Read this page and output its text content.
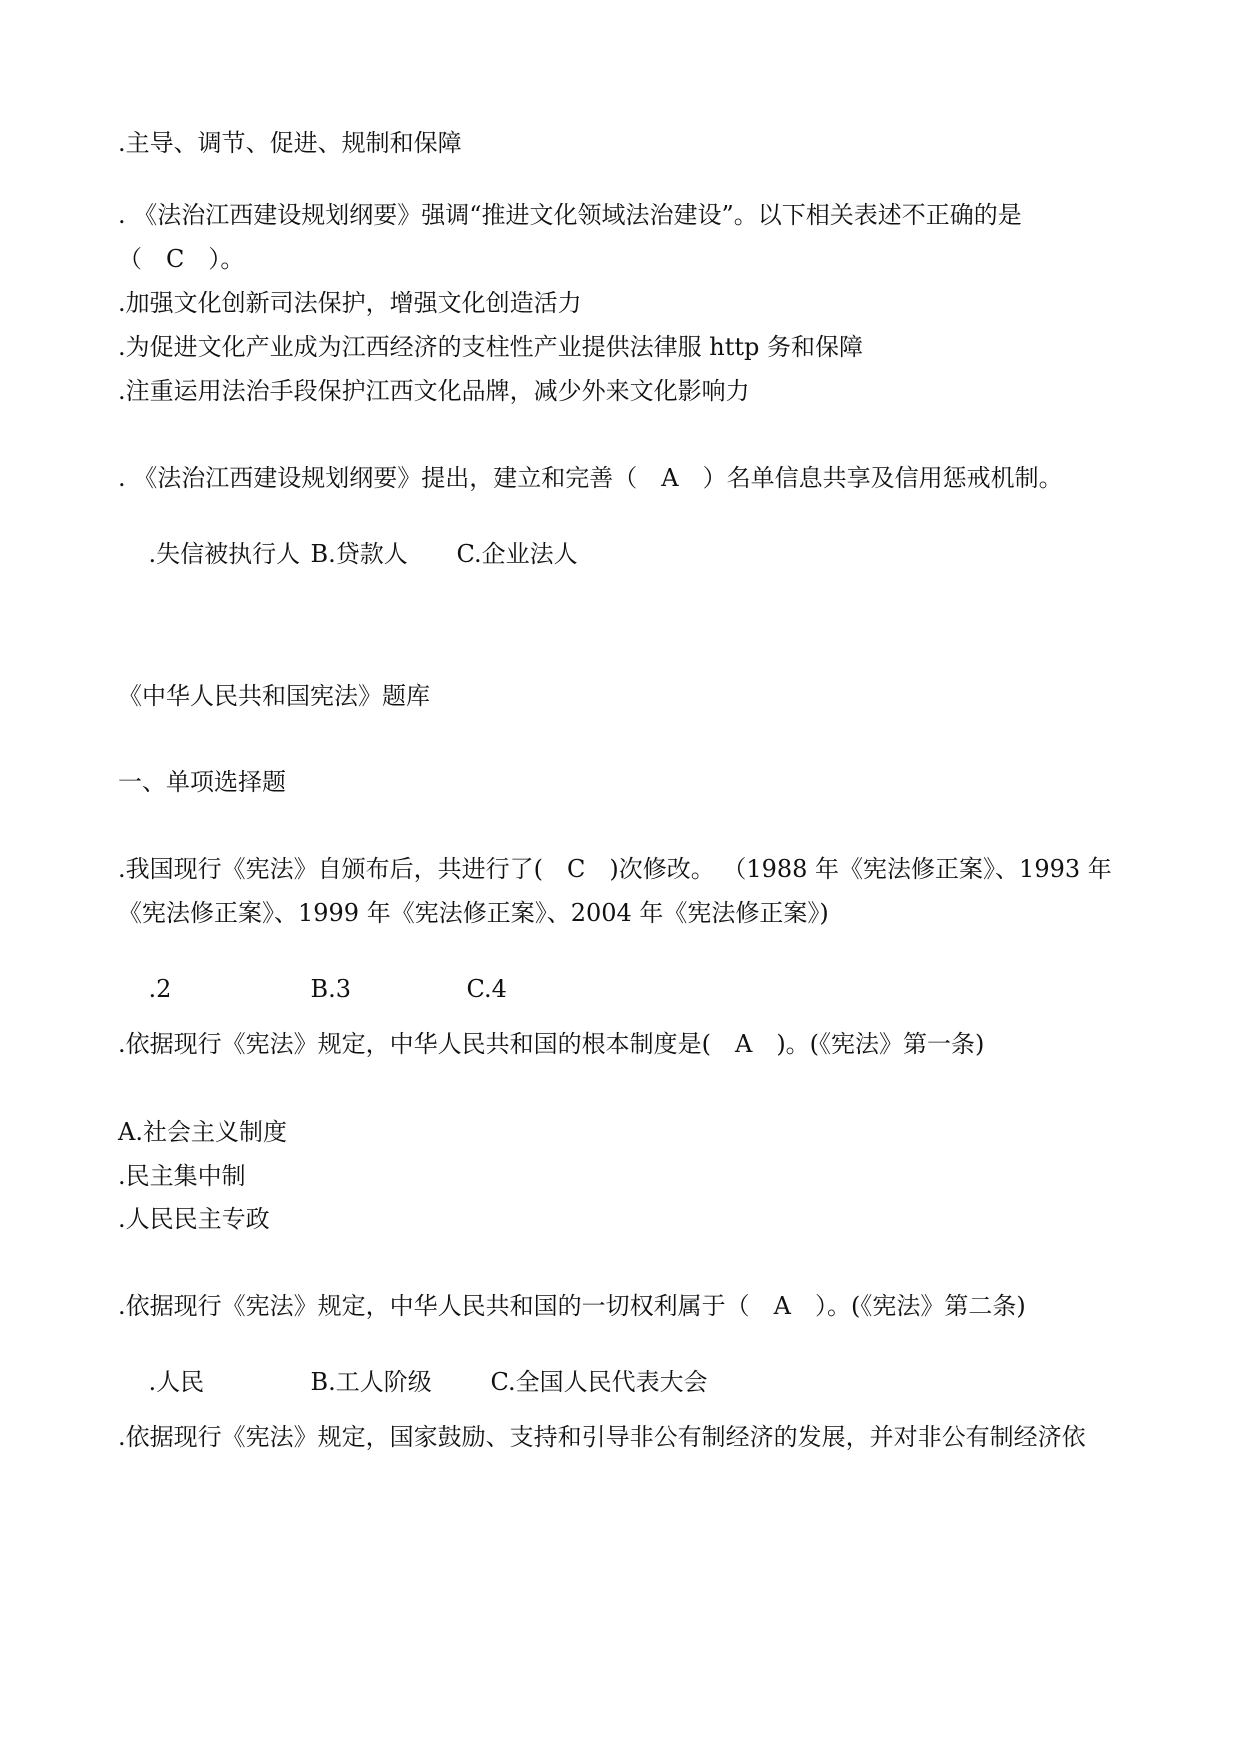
.主导、调节、促进、规制和保障
. 《法治江西建设规划纲要》强调“推进文化领域法治建设”。以下相关表述不正确的是
（　C　）。
.加强文化创新司法保护，增强文化创造活力
.为促进文化产业成为江西经济的支柱性产业提供法律服 http 务和保障
.注重运用法治手段保护江西文化品牌，减少外来文化影响力
. 《法治江西建设规划纲要》提出，建立和完善（　A　）名单信息共享及信用惩戒机制。

.失信被执行人 B.贷款人 C.企业法人

《中华人民共和国宪法》题库
一、单项选择题
.我国现行《宪法》自颁布后，共进行了(　C　)次修改。 （1988 年《宪法修正案》、1993 年
《宪法修正案》、1999 年《宪法修正案》、2004 年《宪法修正案》)

.2	B.3	C.4

.依据现行《宪法》规定，中华人民共和国的根本制度是(　A　)。(《宪法》第一条)
A.社会主义制度
.民主集中制
.人民民主专政
.依据现行《宪法》规定，中华人民共和国的一切权利属于（　A　）。(《宪法》第二条)

.人民	B.工人阶级 C.全国人民代表大会

.依据现行《宪法》规定，国家鼓励、支持和引导非公有制经济的发展，并对非公有制经济依
